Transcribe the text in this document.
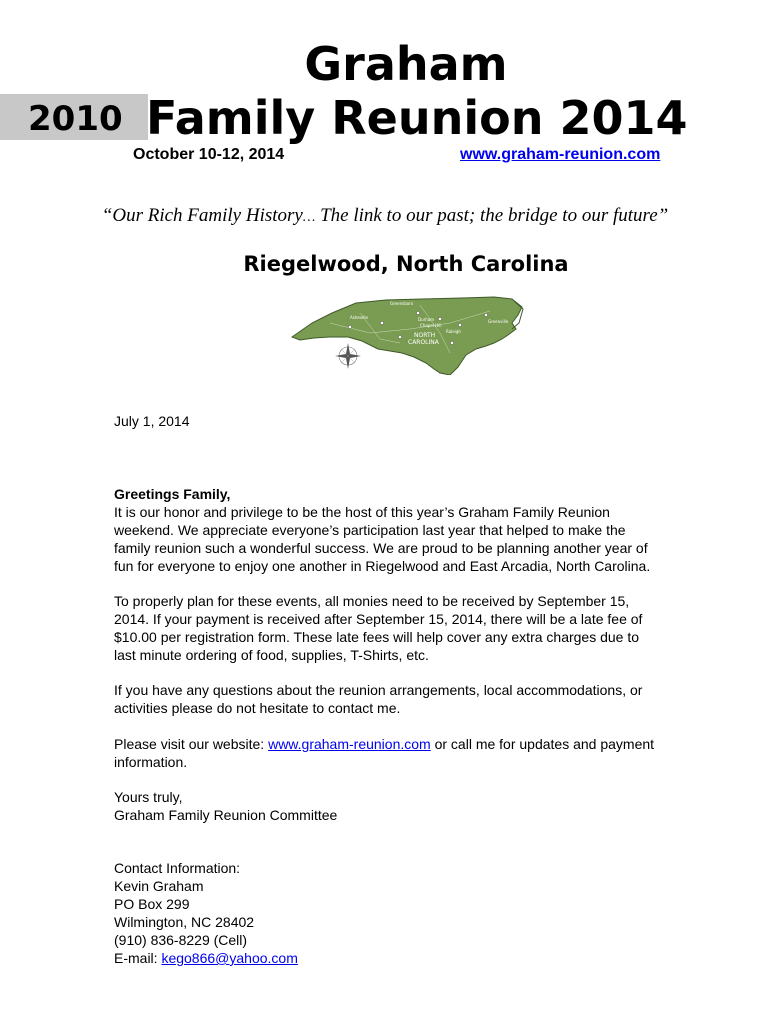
Graham
2010 Family Reunion 2014
October 10-12, 2014	www.graham-reunion.com
“Our Rich Family History… The link to our past; the bridge to our future”
Riegelwood, North Carolina
Greensboro
Durham
Raleigh
Asheville
Greenville
Chapel Hill
NORTH
CAROLINA
July 1, 2014
Greetings Family,
It is our honor and privilege to be the host of this year’s Graham Family Reunion
weekend. We appreciate everyone’s participation last year that helped to make the
family reunion such a wonderful success. We are proud to be planning another year of
fun for everyone to enjoy one another in Riegelwood and East Arcadia, North Carolina.
To properly plan for these events, all monies need to be received by September 15,
2014. If your payment is received after September 15, 2014, there will be a late fee of
$10.00 per registration form. These late fees will help cover any extra charges due to
last minute ordering of food, supplies, T-Shirts, etc.
If you have any questions about the reunion arrangements, local accommodations, or
activities please do not hesitate to contact me.
Please visit our website: www.graham-reunion.com or call me for updates and payment
information.
Yours truly,
Graham Family Reunion Committee
Contact Information:
Kevin Graham
PO Box 299
Wilmington, NC 28402
(910) 836-8229 (Cell)
E-mail: kego866@yahoo.com
